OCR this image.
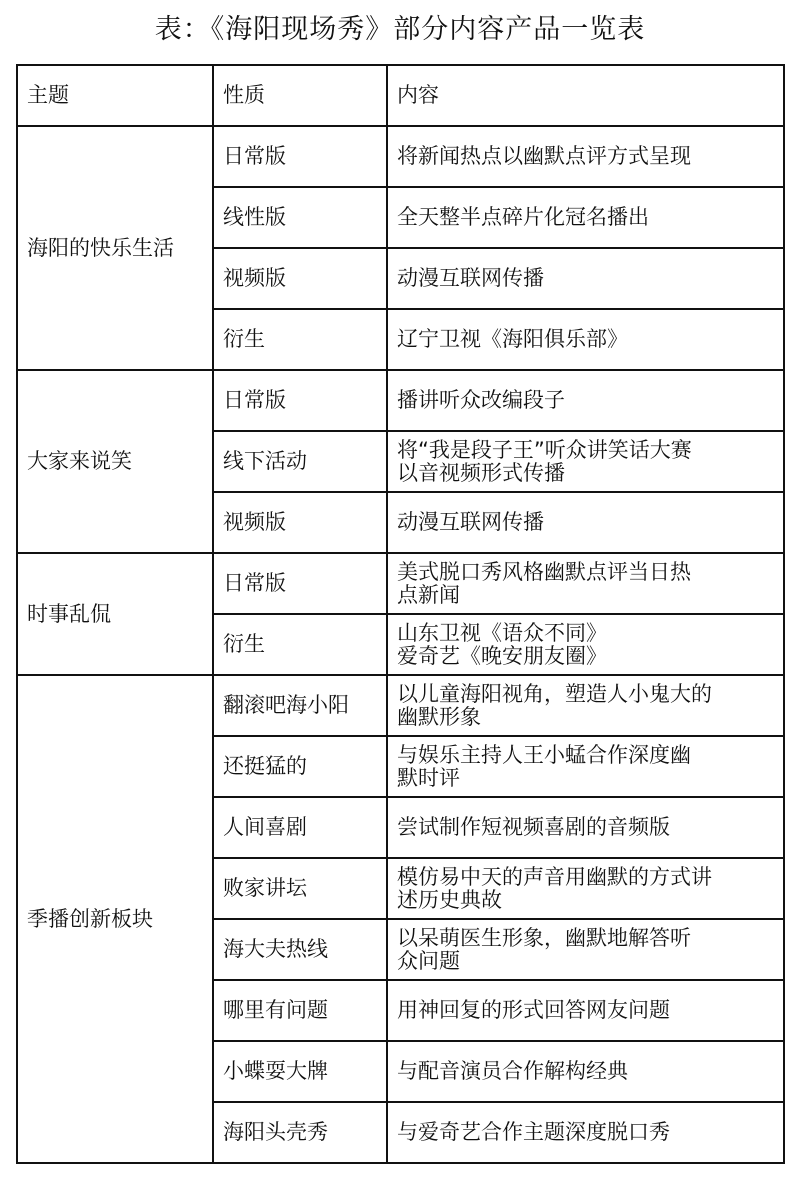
表：《海阳现场秀》部分内容产品一览表
主题	性质	内容
海阳的快乐生活	日常版	将新闻热点以幽默点评方式呈现

	线性版	全天整半点碎片化冠名播出

	视频版	动漫互联网传播

	衍生	辽宁卫视《海阳俱乐部》

大家来说笑	日常版	播讲听众改编段子

	线下活动	将“我是段子王”听众讲笑话大赛
以音视频形式传播

	视频版	动漫互联网传播

时事乱侃	日常版	美式脱口秀风格幽默点评当日热
点新闻

	衍生	山东卫视《语众不同》
爱奇艺《晚安朋友圈》

季播创新板块	翻滚吧海小阳	以儿童海阳视角，塑造人小鬼大的
幽默形象

	还挺猛的	与娱乐主持人王小蜢合作深度幽
默时评

	人间喜剧	尝试制作短视频喜剧的音频版

	败家讲坛	模仿易中天的声音用幽默的方式讲
述历史典故

	海大夫热线	以呆萌医生形象，幽默地解答听
众问题

	哪里有问题	用神回复的形式回答网友问题

	小蝶耍大牌	与配音演员合作解构经典

	海阳头壳秀	与爱奇艺合作主题深度脱口秀
